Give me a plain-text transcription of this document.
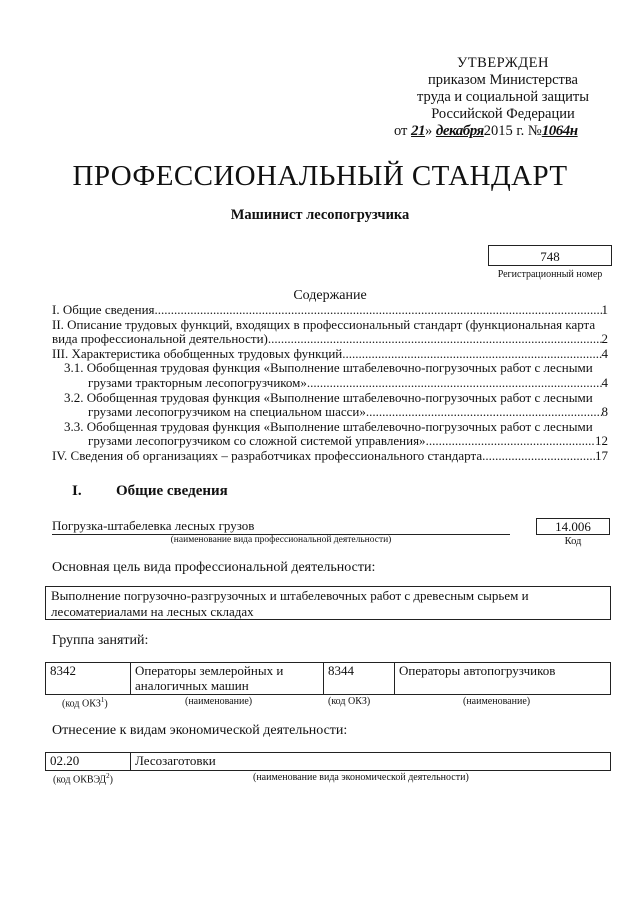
УТВЕРЖДЕН
приказом Министерства
труда и социальной защиты
Российской Федерации
от 21» декабря2015 г. №1064н
ПРОФЕССИОНАЛЬНЫЙ СТАНДАРТ
Машинист лесопогрузчика
748
Регистрационный номер
Содержание
I. Общие сведения .....	1
II. Описание трудовых функций, входящих в профессиональный стандарт (функциональная карта
вида профессиональной деятельности) .....	2
III. Характеристика обобщенных трудовых функций .....	4
3.1. Обобщенная трудовая функция «Выполнение штабелевочно-погрузочных работ с лесными
грузами тракторным лесопогрузчиком» .....	4
3.2. Обобщенная трудовая функция «Выполнение штабелевочно-погрузочных работ с лесными
грузами лесопогрузчиком на специальном шасси» .....	8
3.3. Обобщенная трудовая функция «Выполнение штабелевочно-погрузочных работ с лесными
грузами лесопогрузчиком со сложной системой управления» .....	12
IV. Сведения об организациях – разработчиках профессионального стандарта .....	17
I. Общие сведения
Погрузка-штабелевка лесных грузов
(наименование вида профессиональной деятельности)
14.006
Код
Основная цель вида профессиональной деятельности:
Выполнение погрузочно-разгрузочных и штабелевочных работ с древесным сырьем и лесоматериалами на лесных складах
Группа занятий:
8342	Операторы землеройных и аналогичных машин	8344	Операторы автопогрузчиков
(код ОКЗ$^1$)	(наименование)	(код ОКЗ)	(наименование)
Отнесение к видам экономической деятельности:
02.20	Лесозаготовки
(код ОКВЭД$^2$)	(наименование вида экономической деятельности)
